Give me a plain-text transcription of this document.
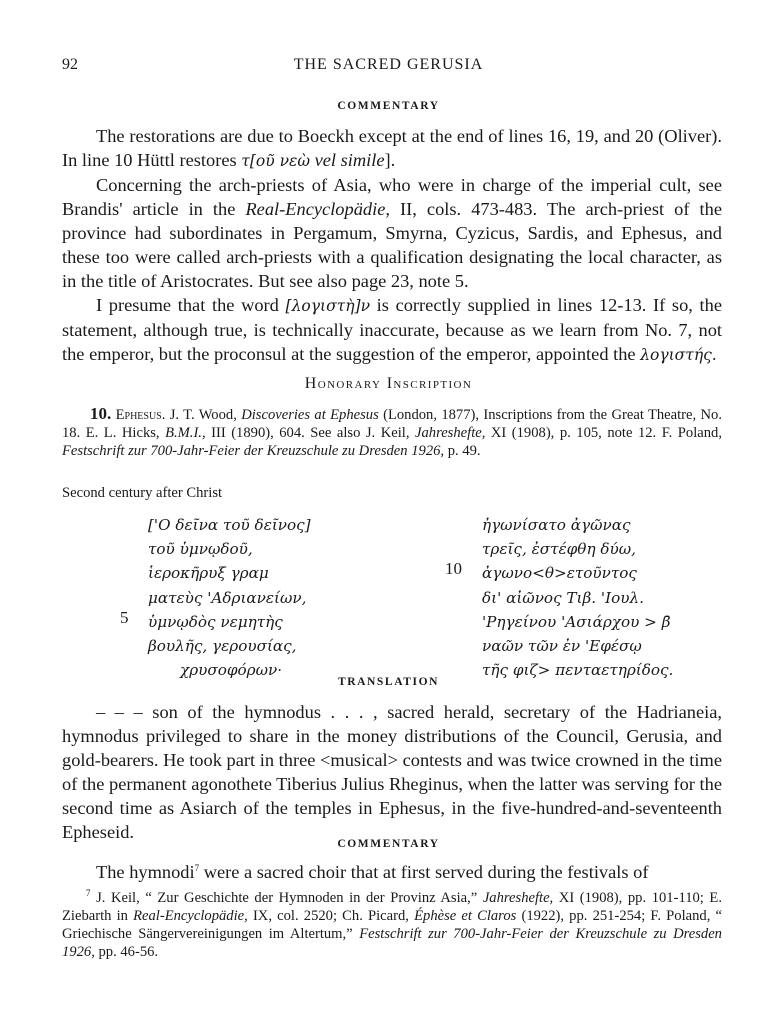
92	THE SACRED GERUSIA
COMMENTARY

The restorations are due to Boeckh except at the end of lines 16, 19, and 20 (Oliver). In line 10 Hüttl restores τ[οῦ νεὼ vel simile].

Concerning the arch-priests of Asia, who were in charge of the imperial cult, see Brandis' article in the Real-Encyclopädie, II, cols. 473-483. The arch-priest of the province had subordinates in Pergamum, Smyrna, Cyzicus, Sardis, and Ephesus, and these too were called arch-priests with a qualification designating the local character, as in the title of Aristocrates. But see also page 23, note 5.

I presume that the word [λογιστὴ]ν is correctly supplied in lines 12-13. If so, the statement, although true, is technically inaccurate, because as we learn from No. 7, not the emperor, but the proconsul at the suggestion of the emperor, appointed the λογιστής.

Honorary Inscription
10. Ephesus. J. T. Wood, Discoveries at Ephesus (London, 1877), Inscriptions from the Great Theatre, No. 18. E. L. Hicks, B.M.I., III (1890), 604. See also J. Keil, Jahreshefte, XI (1908), p. 105, note 12. F. Poland, Festschrift zur 700-Jahr-Feier der Kreuzschule zu Dresden 1926, p. 49.
Second century after Christ
['Ο δεῖνα τοῦ δεῖνος]
τοῦ ὑμνῳδοῦ,
ἱεροκῆρυξ γραμ
ματεὺς 'Αδριανείων,
ὑμνῳδὸς νεμητὴς
βουλῆς, γερουσίας,
χρυσοφόρων·
5
ἠγωνίσατο ἀγῶνας
τρεῖς, ἐστέφθη δύω,
ἀγωνο<θ>ετοῦντος
δι' αἰῶνος Τιβ. 'Ιουλ.
'Ρηγείνου 'Ασιάρχου > β̄
ναῶν τῶν ἐν 'Εφέσῳ
τῆς φιζ> πενταετηρίδος.
10
TRANSLATION

– – – son of the hymnodus . . . , sacred herald, secretary of the Hadrianeia, hymnodus privileged to share in the money distributions of the Council, Gerusia, and gold-bearers. He took part in three <musical> contests and was twice crowned in the time of the permanent agonothete Tiberius Julius Rheginus, when the latter was serving for the second time as Asiarch of the temples in Ephesus, in the five-hundred-and-seventeenth Epheseid.

COMMENTARY

The hymnodi$^7$ were a sacred choir that at first served during the festivals of

$^7$ J. Keil, “ Zur Geschichte der Hymnoden in der Provinz Asia,” Jahreshefte, XI (1908), pp. 101-110; E. Ziebarth in Real-Encyclopädie, IX, col. 2520; Ch. Picard, Éphèse et Claros (1922), pp. 251-254; F. Poland, “ Griechische Sängervereinigungen im Altertum,” Festschrift zur 700-Jahr-Feier der Kreuzschule zu Dresden 1926, pp. 46-56.
